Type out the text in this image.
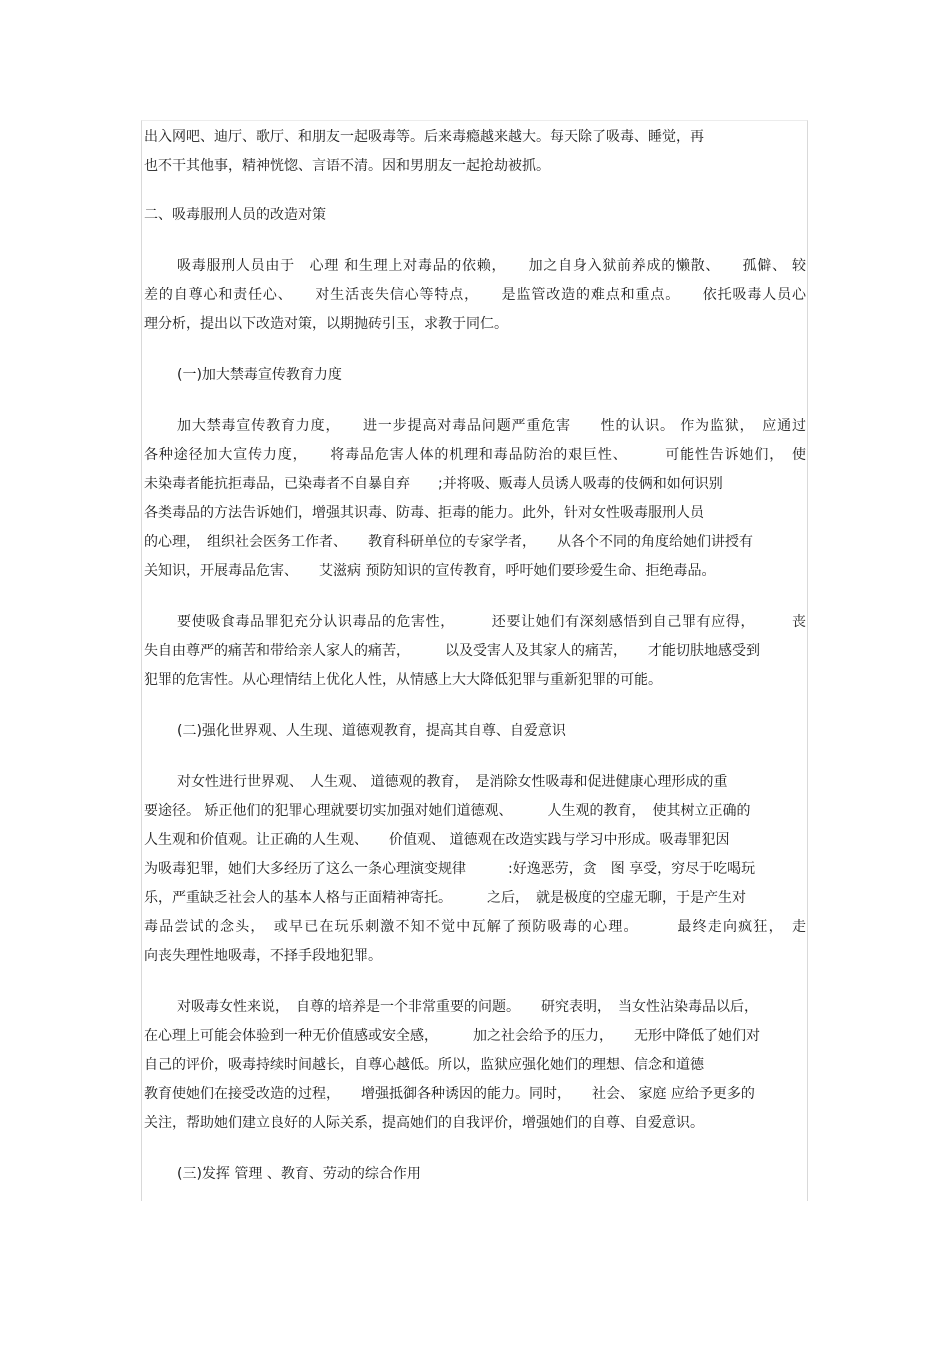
出入网吧、迪厅、歌厅、和朋友一起吸毒等。后来毒瘾越来越大。每天除了吸毒、睡觉，再
也不干其他事，精神恍惚、言语不清。因和男朋友一起抢劫被抓。

二、吸毒服刑人员的改造对策

吸毒服刑人员由于　心理 和生理上对毒品的依赖，　　加之自身入狱前养成的懒散、　　孤僻、 较
差的自尊心和责任心、　　对生活丧失信心等特点，　　是监管改造的难点和重点。　　依托吸毒人员心
理分析，提出以下改造对策，以期抛砖引玉，求教于同仁。

(一)加大禁毒宣传教育力度

加大禁毒宣传教育力度，　　进一步提高对毒品问题严重危害　　性的认识。 作为监狱，　应通过
各种途径加大宣传力度，　　将毒品危害人体的机理和毒品防治的艰巨性、　　　可能性告诉她们，　使
未染毒者能抗拒毒品，已染毒者不自暴自弃　　;并将吸、贩毒人员诱人吸毒的伎俩和如何识别
各类毒品的方法告诉她们，增强其识毒、防毒、拒毒的能力。此外，针对女性吸毒服刑人员
的心理，　组织社会医务工作者、　　教育科研单位的专家学者，　　从各个不同的角度给她们讲授有
关知识，开展毒品危害、　　艾滋病 预防知识的宣传教育，呼吁她们要珍爱生命、拒绝毒品。

要使吸食毒品罪犯充分认识毒品的危害性，　　　还要让她们有深刻感悟到自己罪有应得，　　　丧
失自由尊严的痛苦和带给亲人家人的痛苦，　　　以及受害人及其家人的痛苦，　　才能切肤地感受到
犯罪的危害性。从心理情结上优化人性，从情感上大大降低犯罪与重新犯罪的可能。

(二)强化世界观、人生现、道德观教育，提高其自尊、自爱意识

对女性进行世界观、　人生观、 道德观的教育，　是消除女性吸毒和促进健康心理形成的重
要途径。 矫正他们的犯罪心理就要切实加强对她们道德观、　　　人生观的教育，　使其树立正确的
人生观和价值观。让正确的人生观、　　价值观、 道德观在改造实践与学习中形成。吸毒罪犯因
为吸毒犯罪，她们大多经历了这么一条心理演变规律　　　:好逸恶劳，贪　图 享受，穷尽于吃喝玩
乐，严重缺乏社会人的基本人格与正面精神寄托。　　　之后，　就是极度的空虚无聊，于是产生对
毒品尝试的念头，　或早已在玩乐刺激不知不觉中瓦解了预防吸毒的心理。　　　最终走向疯狂，　走
向丧失理性地吸毒，不择手段地犯罪。

对吸毒女性来说，　自尊的培养是一个非常重要的问题。　　研究表明，　当女性沾染毒品以后，
在心理上可能会体验到一种无价值感或安全感，　　　加之社会给予的压力，　　无形中降低了她们对
自己的评价，吸毒持续时间越长，自尊心越低。所以，监狱应强化她们的理想、信念和道德
教育使她们在接受改造的过程，　　增强抵御各种诱因的能力。同时，　　社会、 家庭 应给予更多的
关注，帮助她们建立良好的人际关系，提高她们的自我评价，增强她们的自尊、自爱意识。

(三)发挥 管理 、教育、劳动的综合作用
